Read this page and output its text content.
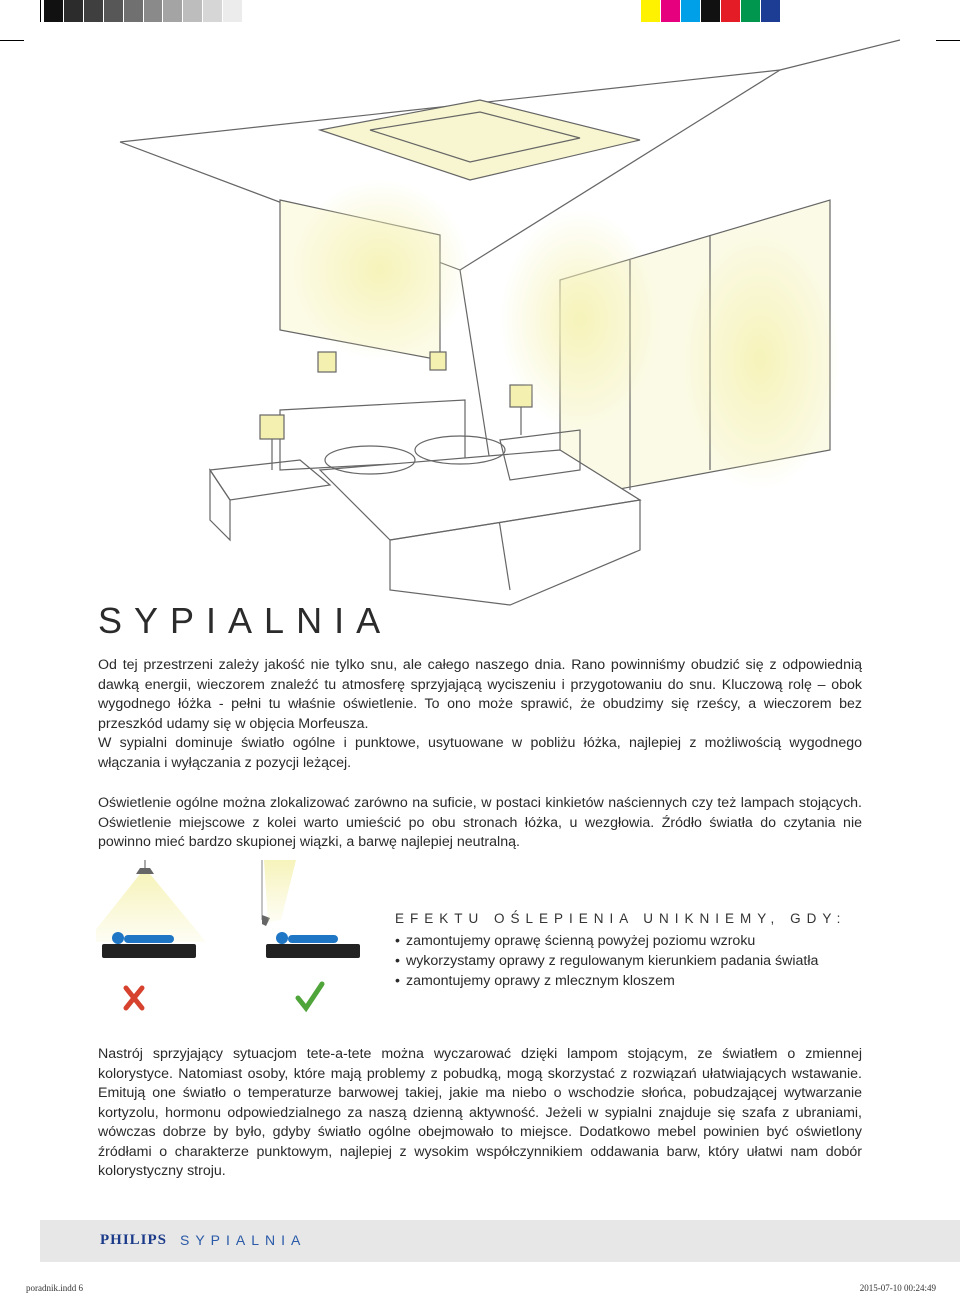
SYPIALNIA

Od tej przestrzeni zależy jakość nie tylko snu, ale całego naszego dnia. Rano powinniśmy obudzić się z odpowiednią dawką energii, wieczorem znaleźć tu atmosferę sprzyjającą wyciszeniu i przygotowaniu do snu. Kluczową rolę – obok wygodnego łóżka - pełni tu właśnie oświetlenie. To ono może sprawić, że obudzimy się rześcy, a wieczorem bez przeszkód udamy się w objęcia Morfeusza.

W sypialni dominuje światło ogólne i punktowe, usytuowane w pobliżu łóżka, najlepiej z możliwością wygodnego włączania i wyłączania z pozycji leżącej.

Oświetlenie ogólne można zlokalizować zarówno na suficie, w postaci kinkietów naściennych czy też lampach stojących. Oświetlenie miejscowe z kolei warto umieścić po obu stronach łóżka, u wezgłowia. Źródło światła do czytania nie powinno mieć bardzo skupionej wiązki, a barwę najlepiej neutralną.

EFEKTU OŚLEPIENIA UNIKNIEMY, GDY:
• zamontujemy oprawę ścienną powyżej poziomu wzroku
• wykorzystamy oprawy z regulowanym kierunkiem padania światła
• zamontujemy oprawy z mlecznym kloszem

Nastrój sprzyjający sytuacjom tete-a-tete można wyczarować dzięki lampom stojącym, ze światłem o zmiennej kolorystyce. Natomiast osoby, które mają problemy z pobudką, mogą skorzystać z rozwiązań ułatwiających wstawanie. Emitują one światło o temperaturze barwowej takiej, jakie ma niebo o wschodzie słońca, pobudzającej wytwarzanie kortyzolu, hormonu odpowiedzialnego za naszą dzienną aktywność. Jeżeli w sypialni znajduje się szafa z ubraniami, wówczas dobrze by było, gdyby światło ogólne obejmowało to miejsce. Dodatkowo mebel powinien być oświetlony źródłami o charakterze punktowym, najlepiej z wysokim współczynnikiem oddawania barw, który ułatwi nam dobór kolorystyczny stroju.

PHILIPS SYPIALNIA
poradnik.indd 6	2015-07-10 00:24:49
